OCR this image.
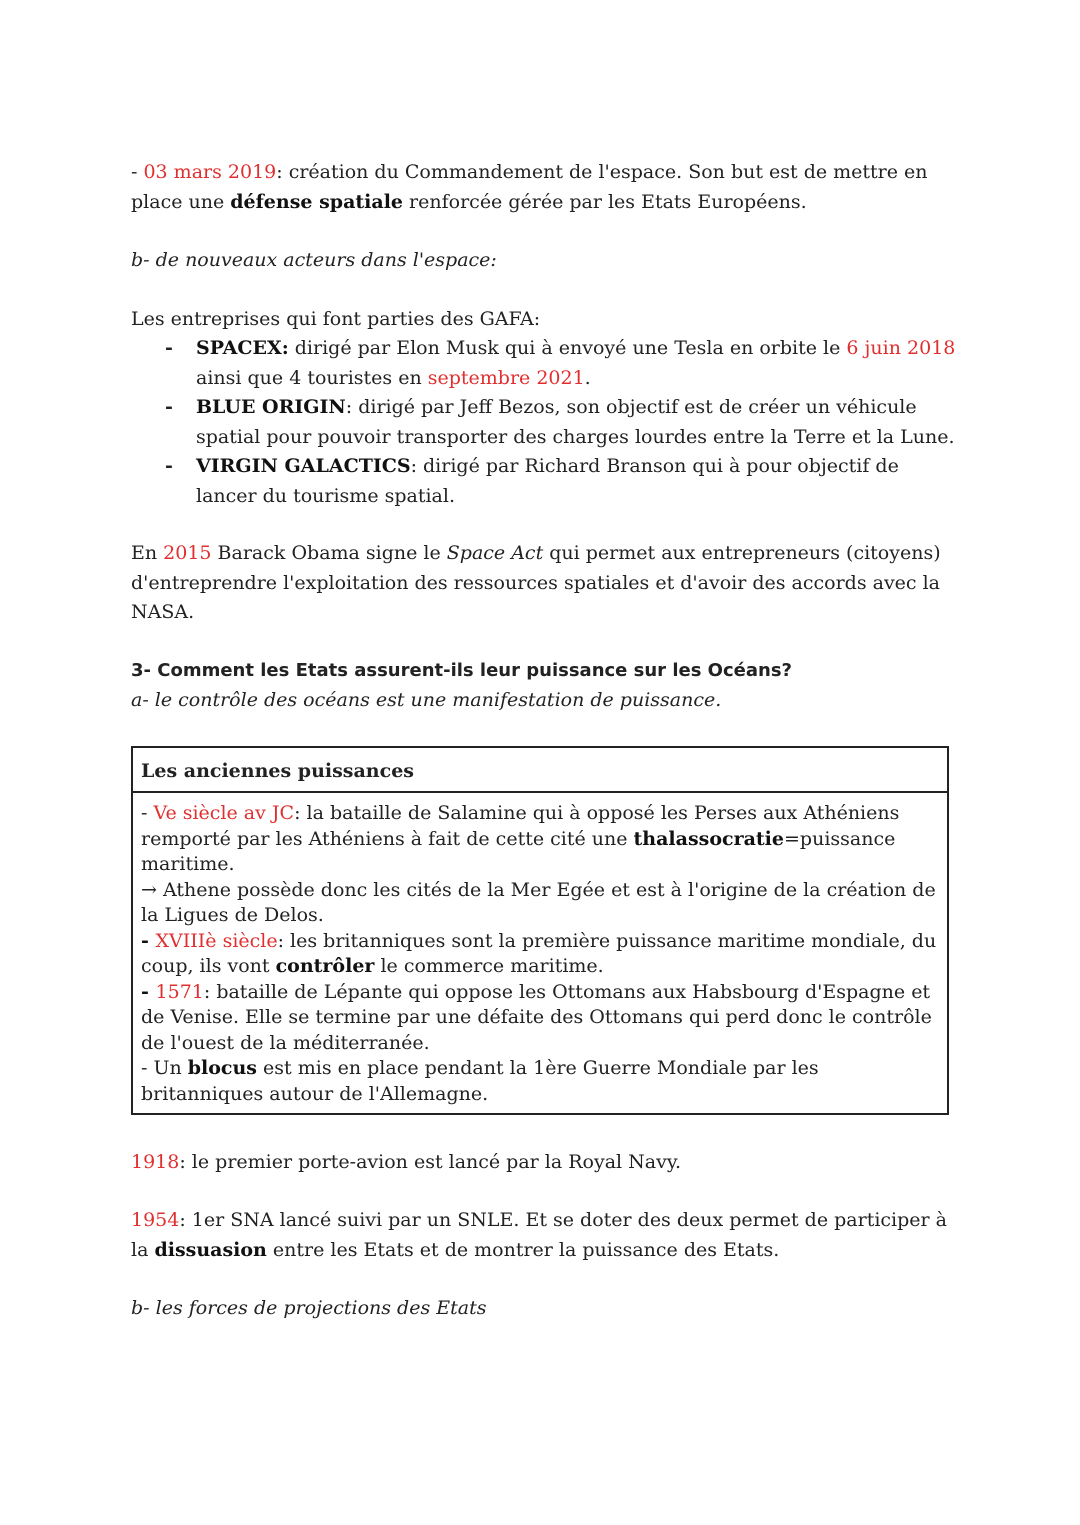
- 03 mars 2019: création du Commandement de l'espace. Son but est de mettre en place une défense spatiale renforcée gérée par les Etats Européens.

b- de nouveaux acteurs dans l'espace:

Les entreprises qui font parties des GAFA:

- SPACEX: dirigé par Elon Musk qui à envoyé une Tesla en orbite le 6 juin 2018 ainsi que 4 touristes en septembre 2021.
- BLUE ORIGIN: dirigé par Jeff Bezos, son objectif est de créer un véhicule spatial pour pouvoir transporter des charges lourdes entre la Terre et la Lune.
- VIRGIN GALACTICS: dirigé par Richard Branson qui à pour objectif de lancer du tourisme spatial.

En 2015 Barack Obama signe le Space Act qui permet aux entrepreneurs (citoyens) d'entreprendre l'exploitation des ressources spatiales et d'avoir des accords avec la NASA.

3- Comment les Etats assurent-ils leur puissance sur les Océans?

a- le contrôle des océans est une manifestation de puissance.

Les anciennes puissances

- Ve siècle av JC: la bataille de Salamine qui à opposé les Perses aux Athéniens remporté par les Athéniens à fait de cette cité une thalassocratie=puissance maritime.

→ Athene possède donc les cités de la Mer Egée et est à l'origine de la création de la Ligues de Delos.

- XVIIIè siècle: les britanniques sont la première puissance maritime mondiale, du coup, ils vont contrôler le commerce maritime.

- 1571: bataille de Lépante qui oppose les Ottomans aux Habsbourg d'Espagne et de Venise. Elle se termine par une défaite des Ottomans qui perd donc le contrôle de l'ouest de la méditerranée.

- Un blocus est mis en place pendant la 1ère Guerre Mondiale par les britanniques autour de l'Allemagne.

1918: le premier porte-avion est lancé par la Royal Navy.

1954: 1er SNA lancé suivi par un SNLE. Et se doter des deux permet de participer à la dissuasion entre les Etats et de montrer la puissance des Etats.

b- les forces de projections des Etats
